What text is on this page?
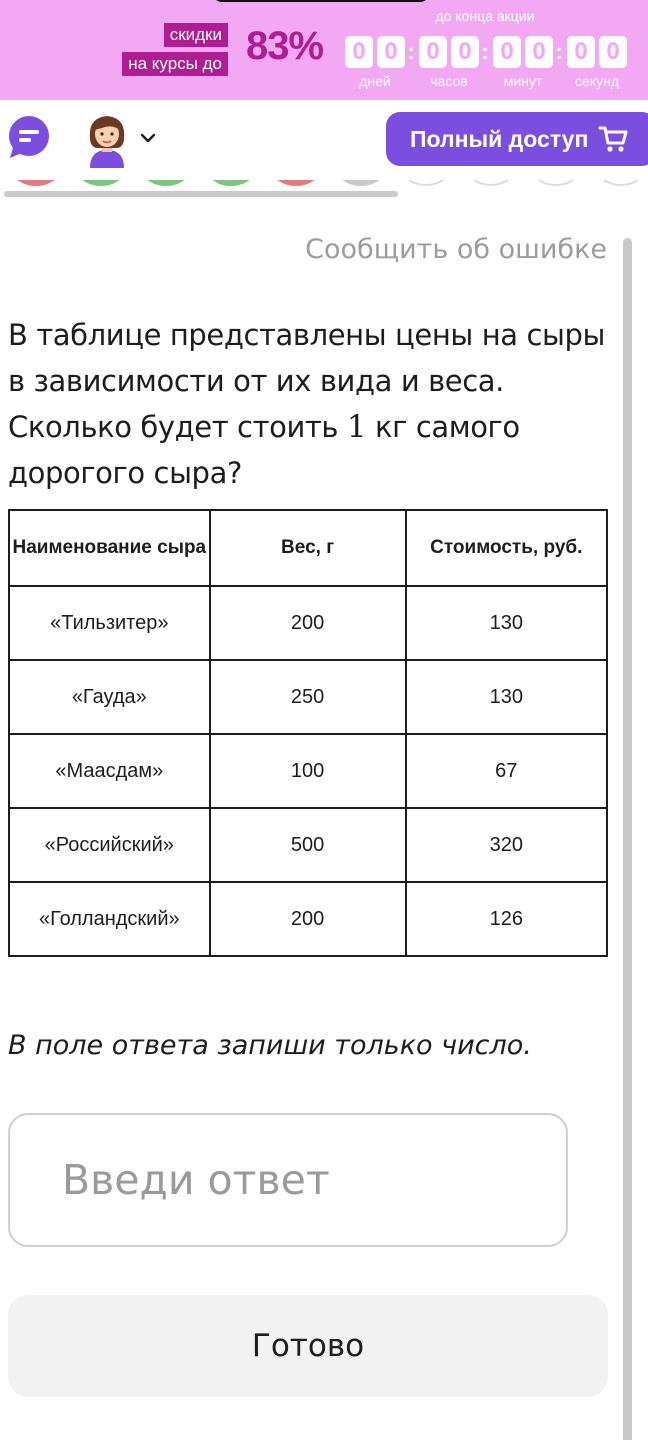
скидки
на курсы до 83%
до конца акции
0 0 : 0 0 : 0 0 : 0 0
дней	часов	минут	секунд
Полный доступ
Сообщить об ошибке
В таблице представлены цены на сыры в зависимости от их вида и веса. Сколько будет стоить 1 кг самого дорогого сыра?
Наименование сыра	Вес, г	Стоимость, руб.
«Тильзитер»	200	130
«Гауда»	250	130
«Маасдам»	100	67
«Российский»	500	320
«Голландский»	200	126
В поле ответа запиши только число.
Введи ответ
Готово
